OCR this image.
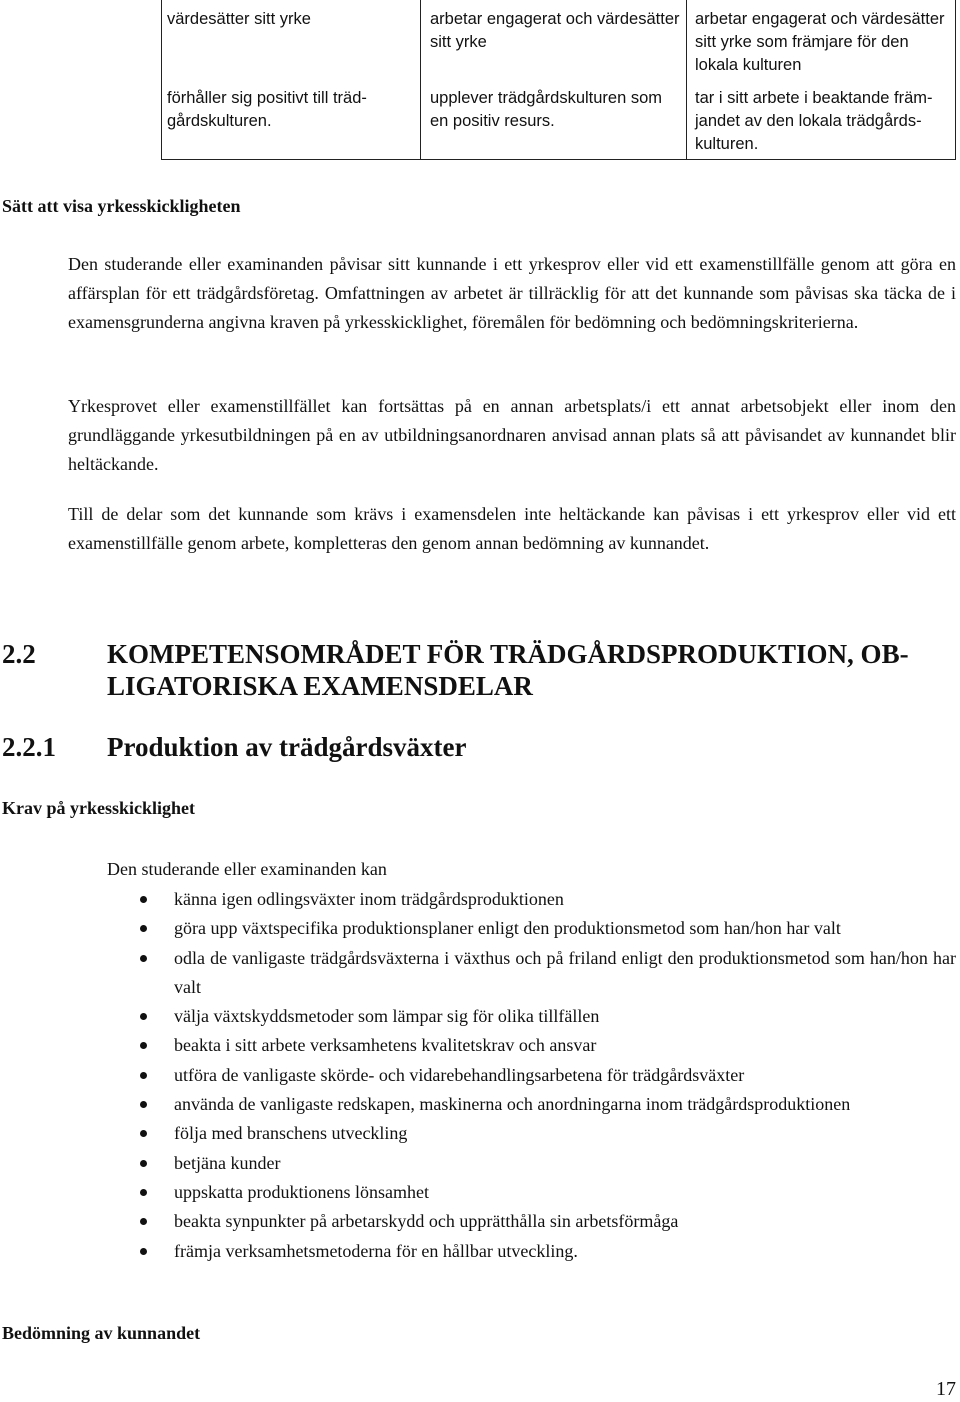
värdesätter sitt yrke	arbetar engagerat och värdesätter
sitt yrke
arbetar engagerat och värdesätter
sitt yrke som främjare för den
lokala kulturen
förhåller sig positivt till träd-
gårdskulturen.
upplever trädgårdskulturen som
en positiv resurs.
tar i sitt arbete i beaktande främ-
jandet av den lokala trädgårds-
kulturen.
Sätt att visa yrkesskickligheten

Den studerande eller examinanden påvisar sitt kunnande i ett yrkesprov eller vid ett examenstillfälle genom att göra en affärsplan för ett trädgårdsföretag. Omfattningen av arbetet är tillräcklig för att det kunnande som påvisas ska täcka de i examensgrunderna angivna kraven på yrkesskicklighet, föremålen för bedömning och bedömningskriterierna.

Yrkesprovet eller examenstillfället kan fortsättas på en annan arbetsplats/i ett annat arbetsobjekt eller inom den grundläggande yrkesutbildningen på en av utbildningsanordnaren anvisad annan plats så att påvisandet av kunnandet blir heltäckande.

Till de delar som det kunnande som krävs i examensdelen inte heltäckande kan påvisas i ett yrkesprov eller vid ett examenstillfälle genom arbete, kompletteras den genom annan bedömning av kunnandet.

2.2	KOMPETENSOMRÅDET FÖR TRÄDGÅRDSPRODUKTION, OB-
LIGATORISKA EXAMENSDELAR
2.2.1 Produktion av trädgårdsväxter
Krav på yrkesskicklighet
Den studerande eller examinanden kan
känna igen odlingsväxter inom trädgårdsproduktionen
göra upp växtspecifika produktionsplaner enligt den produktionsmetod som han/hon har valt
odla de vanligaste trädgårdsväxterna i växthus och på friland enligt den produktionsmetod som han/hon har valt
välja växtskyddsmetoder som lämpar sig för olika tillfällen
beakta i sitt arbete verksamhetens kvalitetskrav och ansvar
utföra de vanligaste skörde- och vidarebehandlingsarbetena för trädgårdsväxter
använda de vanligaste redskapen, maskinerna och anordningarna inom trädgårdsproduktionen
följa med branschens utveckling
betjäna kunder
uppskatta produktionens lönsamhet
beakta synpunkter på arbetarskydd och upprätthålla sin arbetsförmåga
främja verksamhetsmetoderna för en hållbar utveckling.
Bedömning av kunnandet
17
